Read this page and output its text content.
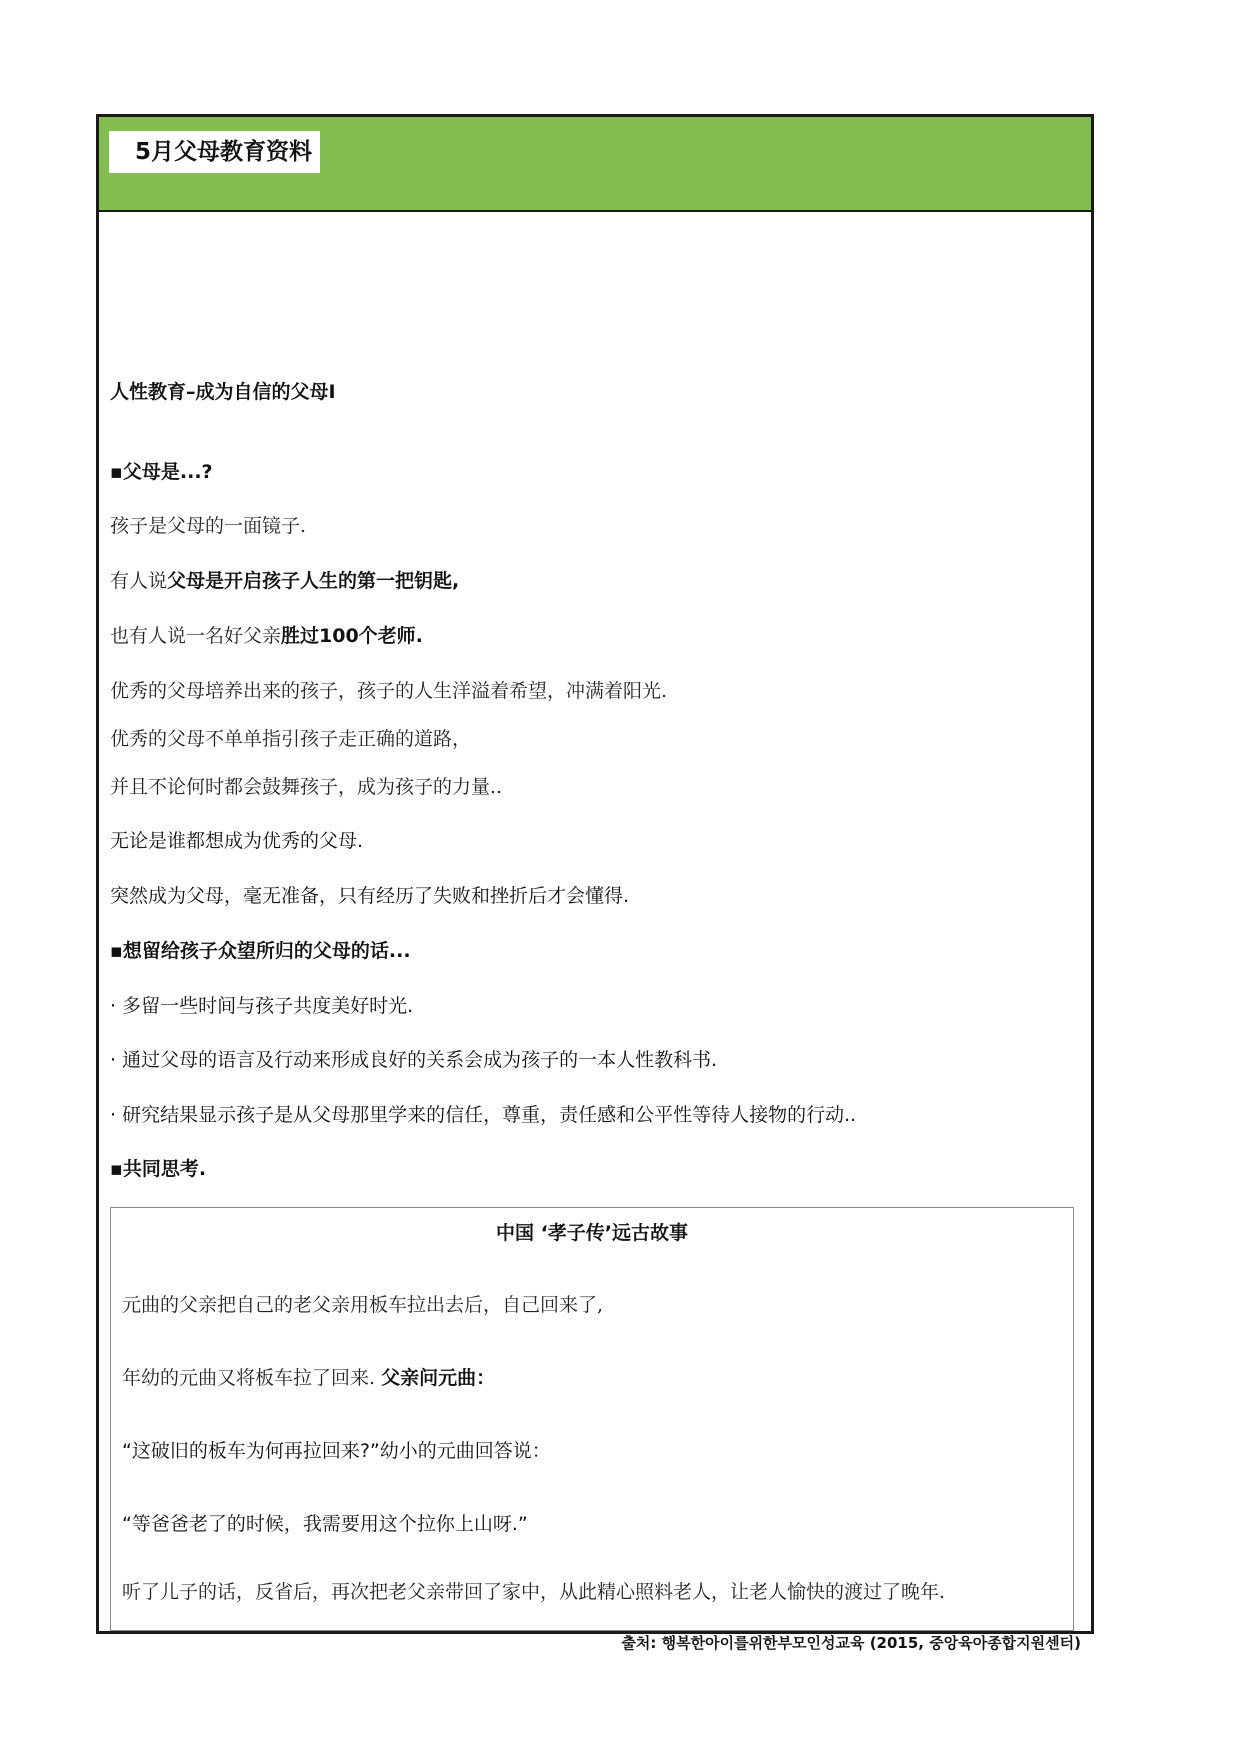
5月父母教育资料
人性教育–成为自信的父母Ⅰ
▪父母是...?
孩子是父母的一面镜子.
有人说父母是开启孩子人生的第一把钥匙,
也有人说一名好父亲胜过100个老师.
优秀的父母培养出来的孩子，孩子的人生洋溢着希望，冲满着阳光.
优秀的父母不单单指引孩子走正确的道路，
并且不论何时都会鼓舞孩子，成为孩子的力量..
无论是谁都想成为优秀的父母.
突然成为父母，毫无准备，只有经历了失败和挫折后才会懂得.
▪想留给孩子众望所归的父母的话...
· 多留一些时间与孩子共度美好时光.
· 通过父母的语言及行动来形成良好的关系会成为孩子的一本人性教科书.
· 研究结果显示孩子是从父母那里学来的信任，尊重，责任感和公平性等待人接物的行动..
▪共同思考.
中国 ‘孝子传’远古故事
元曲的父亲把自己的老父亲用板车拉出去后，自己回来了,
年幼的元曲又将板车拉了回来. 父亲问元曲：
“这破旧的板车为何再拉回来?”幼小的元曲回答说：
“等爸爸老了的时候，我需要用这个拉你上山呀.”
听了儿子的话，反省后，再次把老父亲带回了家中，从此精心照料老人，让老人愉快的渡过了晚年.
출처: 행복한아이를위한부모인성교육 (2015, 중앙육아종합지원센터)
